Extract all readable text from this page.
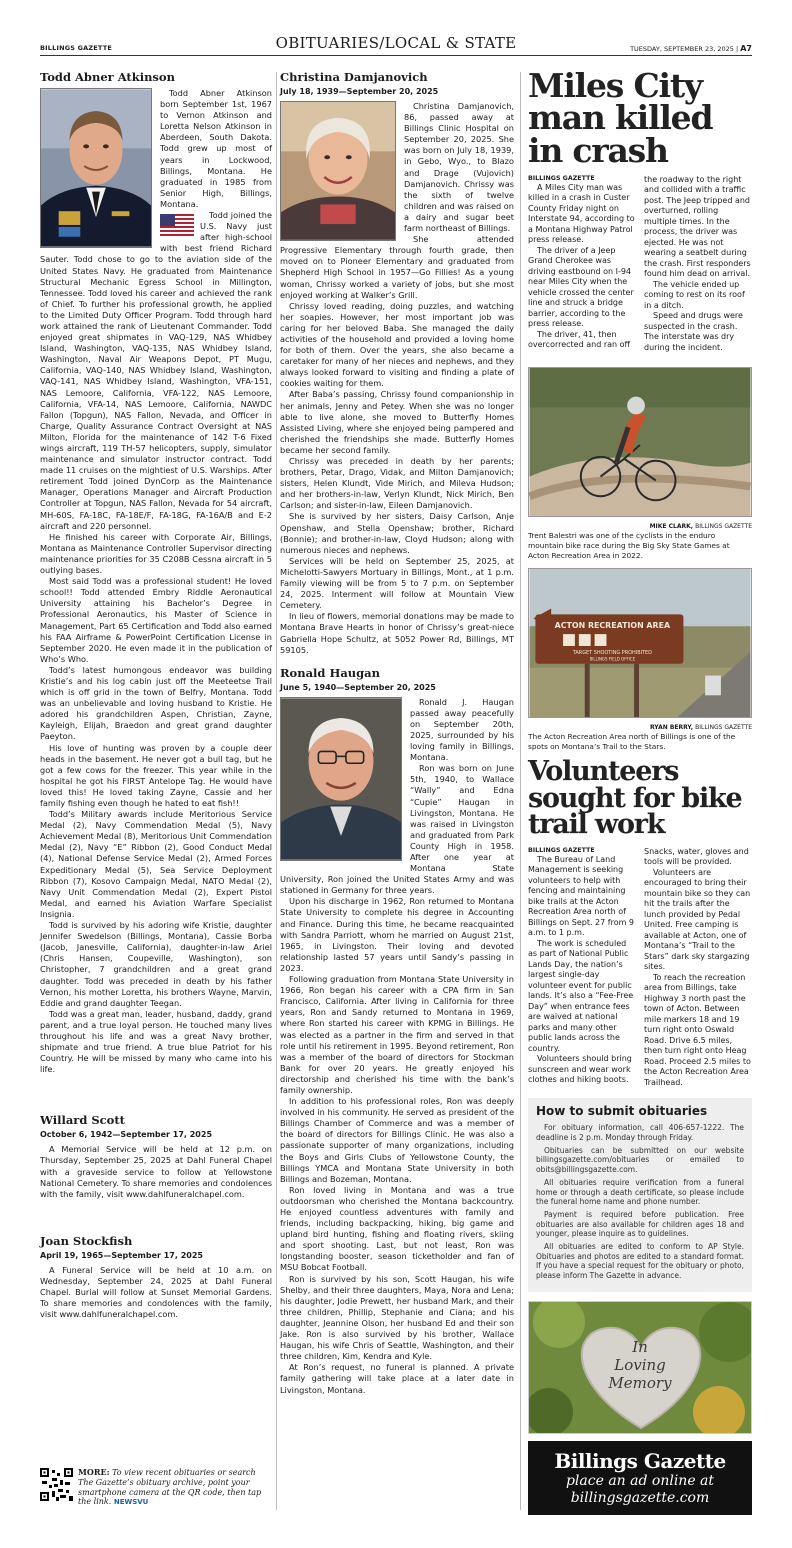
BILLINGS GAZETTE	OBITUARIES/LOCAL & STATE	TUESDAY, SEPTEMBER 23, 2025 | A7
Todd Abner Atkinson

Todd Abner Atkinson born September 1st, 1967 to Vernon Atkinson and Loretta Nelson Atkinson in Aberdeen, South Dakota. Todd grew up most of years in Lockwood, Billings, Montana. He graduated in 1985 from Senior High, Billings, Montana.

Todd joined the U.S. Navy just after high-school with best friend Richard Sauter. Todd chose to go to the aviation side of the United States Navy. He graduated from Maintenance Structural Mechanic Egress School in Millington, Tennessee. Todd loved his career and achieved the rank of Chief. To further his professional growth, he applied to the Limited Duty Officer Program. Todd through hard work attained the rank of Lieutenant Commander. Todd enjoyed great shipmates in VAQ-129, NAS Whidbey Island, Washington, VAQ-135, NAS Whidbey Island, Washington, Naval Air Weapons Depot, PT Mugu, California, VAQ-140, NAS Whidbey Island, Washington, VAQ-141, NAS Whidbey Island, Washington, VFA-151, NAS Lemoore, California, VFA-122, NAS Lemoore, California, VFA-14, NAS Lemoore, California, NAWDC Fallon (Topgun), NAS Fallon, Nevada, and Officer in Charge, Quality Assurance Contract Oversight at NAS Milton, Florida for the maintenance of 142 T-6 Fixed wings aircraft, 119 TH-57 helicopters, supply, simulator maintenance and simulator instructor contract. Todd made 11 cruises on the mightiest of U.S. Warships. After retirement Todd joined DynCorp as the Maintenance Manager, Operations Manager and Aircraft Production Controller at Topgun, NAS Fallon, Nevada for 54 aircraft, MH-60S, FA-18C, FA-18E/F, FA-18G, FA-16A/B and E-2 aircraft and 220 personnel.

He finished his career with Corporate Air, Billings, Montana as Maintenance Controller Supervisor directing maintenance priorities for 35 C208B Cessna aircraft in 5 outlying bases.

Most said Todd was a professional student! He loved school!! Todd attended Embry Riddle Aeronautical University attaining his Bachelor’s Degree in Professional Aeronautics, his Master of Science in Management, Part 65 Certification and Todd also earned his FAA Airframe & PowerPoint Certification License in September 2020. He even made it in the publication of Who’s Who.

Todd’s latest humongous endeavor was building Kristie’s and his log cabin just off the Meeteetse Trail which is off grid in the town of Belfry, Montana. Todd was an unbelievable and loving husband to Kristie. He adored his grandchildren Aspen, Christian, Zayne, Kayleigh, Elijah, Braedon and great grand daughter Paeyton.

His love of hunting was proven by a couple deer heads in the basement. He never got a bull tag, but he got a few cows for the freezer. This year while in the hospital he got his FIRST Antelope Tag. He would have loved this! He loved taking Zayne, Cassie and her family fishing even though he hated to eat fish!!

Todd’s Military awards include Meritorious Service Medal (2), Navy Commendation Medal (5), Navy Achievement Medal (8), Meritorious Unit Commendation Medal (2), Navy “E” Ribbon (2), Good Conduct Medal (4), National Defense Service Medal (2), Armed Forces Expeditionary Medal (5), Sea Service Deployment Ribbon (7), Kosovo Campaign Medal, NATO Medal (2), Navy Unit Commendation Medal (2), Expert Pistol Medal, and earned his Aviation Warfare Specialist Insignia.

Todd is survived by his adoring wife Kristie, daughter Jennifer Swedelson (Billings, Montana), Cassie Borba (Jacob, Janesville, California), daughter-in-law Ariel (Chris Hansen, Coupeville, Washington), son Christopher, 7 grandchildren and a great grand daughter. Todd was preceded in death by his father Vernon, his mother Loretta, his brothers Wayne, Marvin, Eddie and grand daughter Teegan.

Todd was a great man, leader, husband, daddy, grand parent, and a true loyal person. He touched many lives throughout his life and was a great Navy brother, shipmate and true friend. A true blue Patriot for his Country. He will be missed by many who came into his life.

Willard Scott
October 6, 1942—September 17, 2025

A Memorial Service will be held at 12 p.m. on Thursday, September 25, 2025 at Dahl Funeral Chapel with a graveside service to follow at Yellowstone National Cemetery. To share memories and condolences with the family, visit www.dahlfuneralchapel.com.

Joan Stockfish
April 19, 1965—September 17, 2025

A Funeral Service will be held at 10 a.m. on Wednesday, September 24, 2025 at Dahl Funeral Chapel. Burial will follow at Sunset Memorial Gardens. To share memories and condolences with the family, visit www.dahlfuneralchapel.com.

MORE: To view recent obituaries or search The Gazette’s obituary archive, point your smartphone camera at the QR code, then tap the link. NEWSVU
Christina Damjanovich
July 18, 1939—September 20, 2025

Christina Damjanovich, 86, passed away at Billings Clinic Hospital on September 20, 2025. She was born on July 18, 1939, in Gebo, Wyo., to Blazo and Drage (Vujovich) Damjanovich. Chrissy was the sixth of twelve children and was raised on a dairy and sugar beet farm northeast of Billings.

She attended Progressive Elementary through fourth grade, then moved on to Pioneer Elementary and graduated from Shepherd High School in 1957—Go Fillies! As a young woman, Chrissy worked a variety of jobs, but she most enjoyed working at Walker’s Grill.

Chrissy loved reading, doing puzzles, and watching her soapies. However, her most important job was caring for her beloved Baba. She managed the daily activities of the household and provided a loving home for both of them. Over the years, she also became a caretaker for many of her nieces and nephews, and they always looked forward to visiting and finding a plate of cookies waiting for them.

After Baba’s passing, Chrissy found companionship in her animals, Jenny and Petey. When she was no longer able to live alone, she moved to Butterfly Homes Assisted Living, where she enjoyed being pampered and cherished the friendships she made. Butterfly Homes became her second family.

Chrissy was preceded in death by her parents; brothers, Petar, Drago, Vidak, and Milton Damjanovich; sisters, Helen Klundt, Vide Mirich, and Mileva Hudson; and her brothers-in-law, Verlyn Klundt, Nick Mirich, Ben Carlson; and sister-in-law, Eileen Damjanovich.

She is survived by her sisters, Daisy Carlson, Anje Openshaw, and Stella Openshaw; brother, Richard (Bonnie); and brother-in-law, Cloyd Hudson; along with numerous nieces and nephews.

Services will be held on September 25, 2025, at Michelotti-Sawyers Mortuary in Billings, Mont., at 1 p.m. Family viewing will be from 5 to 7 p.m. on September 24, 2025. Interment will follow at Mountain View Cemetery.

In lieu of flowers, memorial donations may be made to Montana Brave Hearts in honor of Chrissy’s great-niece Gabriella Hope Schultz, at 5052 Power Rd, Billings, MT 59105.

Ronald Haugan
June 5, 1940—September 20, 2025

Ronald J. Haugan passed away peacefully on September 20th, 2025, surrounded by his loving family in Billings, Montana.

Ron was born on June 5th, 1940, to Wallace “Wally” and Edna “Cupie” Haugan in Livingston, Montana. He was raised in Livingston and graduated from Park County High in 1958. After one year at Montana State University, Ron joined the United States Army and was stationed in Germany for three years.

Upon his discharge in 1962, Ron returned to Montana State University to complete his degree in Accounting and Finance. During this time, he became reacquainted with Sandra Parriott, whom he married on August 21st, 1965, in Livingston. Their loving and devoted relationship lasted 57 years until Sandy’s passing in 2023.

Following graduation from Montana State University in 1966, Ron began his career with a CPA firm in San Francisco, California. After living in California for three years, Ron and Sandy returned to Montana in 1969, where Ron started his career with KPMG in Billings. He was elected as a partner in the firm and served in that role until his retirement in 1995. Beyond retirement, Ron was a member of the board of directors for Stockman Bank for over 20 years. He greatly enjoyed his directorship and cherished his time with the bank’s family ownership.

In addition to his professional roles, Ron was deeply involved in his community. He served as president of the Billings Chamber of Commerce and was a member of the board of directors for Billings Clinic. He was also a passionate supporter of many organizations, including the Boys and Girls Clubs of Yellowstone County, the Billings YMCA and Montana State University in both Billings and Bozeman, Montana.

Ron loved living in Montana and was a true outdoorsman who cherished the Montana backcountry. He enjoyed countless adventures with family and friends, including backpacking, hiking, big game and upland bird hunting, fishing and floating rivers, skiing and sport shooting. Last, but not least, Ron was longstanding booster, season ticketholder and fan of MSU Bobcat Football.

Ron is survived by his son, Scott Haugan, his wife Shelby, and their three daughters, Maya, Nora and Lena; his daughter, Jodie Prewett, her husband Mark, and their three children, Phillip, Stephanie and Ciana; and his daughter, Jeannine Olson, her husband Ed and their son Jake. Ron is also survived by his brother, Wallace Haugan, his wife Chris of Seattle, Washington, and their three children, Kim, Kendra and Kyle.

At Ron’s request, no funeral is planned. A private family gathering will take place at a later date in Livingston, Montana.

Miles City man killed in crash
BILLINGS GAZETTE

A Miles City man was killed in a crash in Custer County Friday night on Interstate 94, according to a Montana Highway Patrol press release.

The driver of a Jeep Grand Cherokee was driving eastbound on I-94 near Miles City when the vehicle crossed the center line and struck a bridge barrier, according to the press release.

The driver, 41, then overcorrected and ran off the roadway to the right and collided with a traffic post. The Jeep tripped and overturned, rolling multiple times. In the process, the driver was ejected. He was not wearing a seatbelt during the crash. First responders found him dead on arrival.

The vehicle ended up coming to rest on its roof in a ditch.

Speed and drugs were suspected in the crash. The interstate was dry during the incident.

MIKE CLARK, BILLINGS GAZETTE
Trent Balestri was one of the cyclists in the enduro mountain bike race during the Big Sky State Games at Acton Recreation Area in 2022.
ACTON RECREATION AREA
TARGET SHOOTING PROHIBITED
BILLINGS FIELD OFFICE
RYAN BERRY, BILLINGS GAZETTE
The Acton Recreation Area north of Billings is one of the spots on Montana’s Trail to the Stars.
Volunteers sought for bike trail work
BILLINGS GAZETTE

The Bureau of Land Management is seeking volunteers to help with fencing and maintaining bike trails at the Acton Recreation Area north of Billings on Sept. 27 from 9 a.m. to 1 p.m.

The work is scheduled as part of National Public Lands Day, the nation’s largest single-day volunteer event for public lands. It’s also a “Fee-Free Day” when entrance fees are waived at national parks and many other public lands across the country.

Volunteers should bring sunscreen and wear work clothes and hiking boots. Snacks, water, gloves and tools will be provided.

Volunteers are encouraged to bring their mountain bike so they can hit the trails after the lunch provided by Pedal United. Free camping is available at Acton, one of Montana’s “Trail to the Stars” dark sky stargazing sites.

To reach the recreation area from Billings, take Highway 3 north past the town of Acton. Between mile markers 18 and 19 turn right onto Oswald Road. Drive 6.5 miles, then turn right onto Heag Road. Proceed 2.5 miles to the Acton Recreation Area Trailhead.

How to submit obituaries

For obituary information, call 406-657-1222. The deadline is 2 p.m. Monday through Friday.

Obituaries can be submitted on our website billingsgazette.com/obituaries or emailed to obits@billingsgazette.com.

All obituaries require verification from a funeral home or through a death certificate, so please include the funeral home name and phone number.

Payment is required before publication. Free obituaries are also available for children ages 18 and younger, please inquire as to guidelines.

All obituaries are edited to conform to AP Style. Obituaries and photos are edited to a standard format. If you have a special request for the obituary or photo, please inform The Gazette in advance.

In
Loving
Memory
Billings Gazette
place an ad online at
billingsgazette.com
